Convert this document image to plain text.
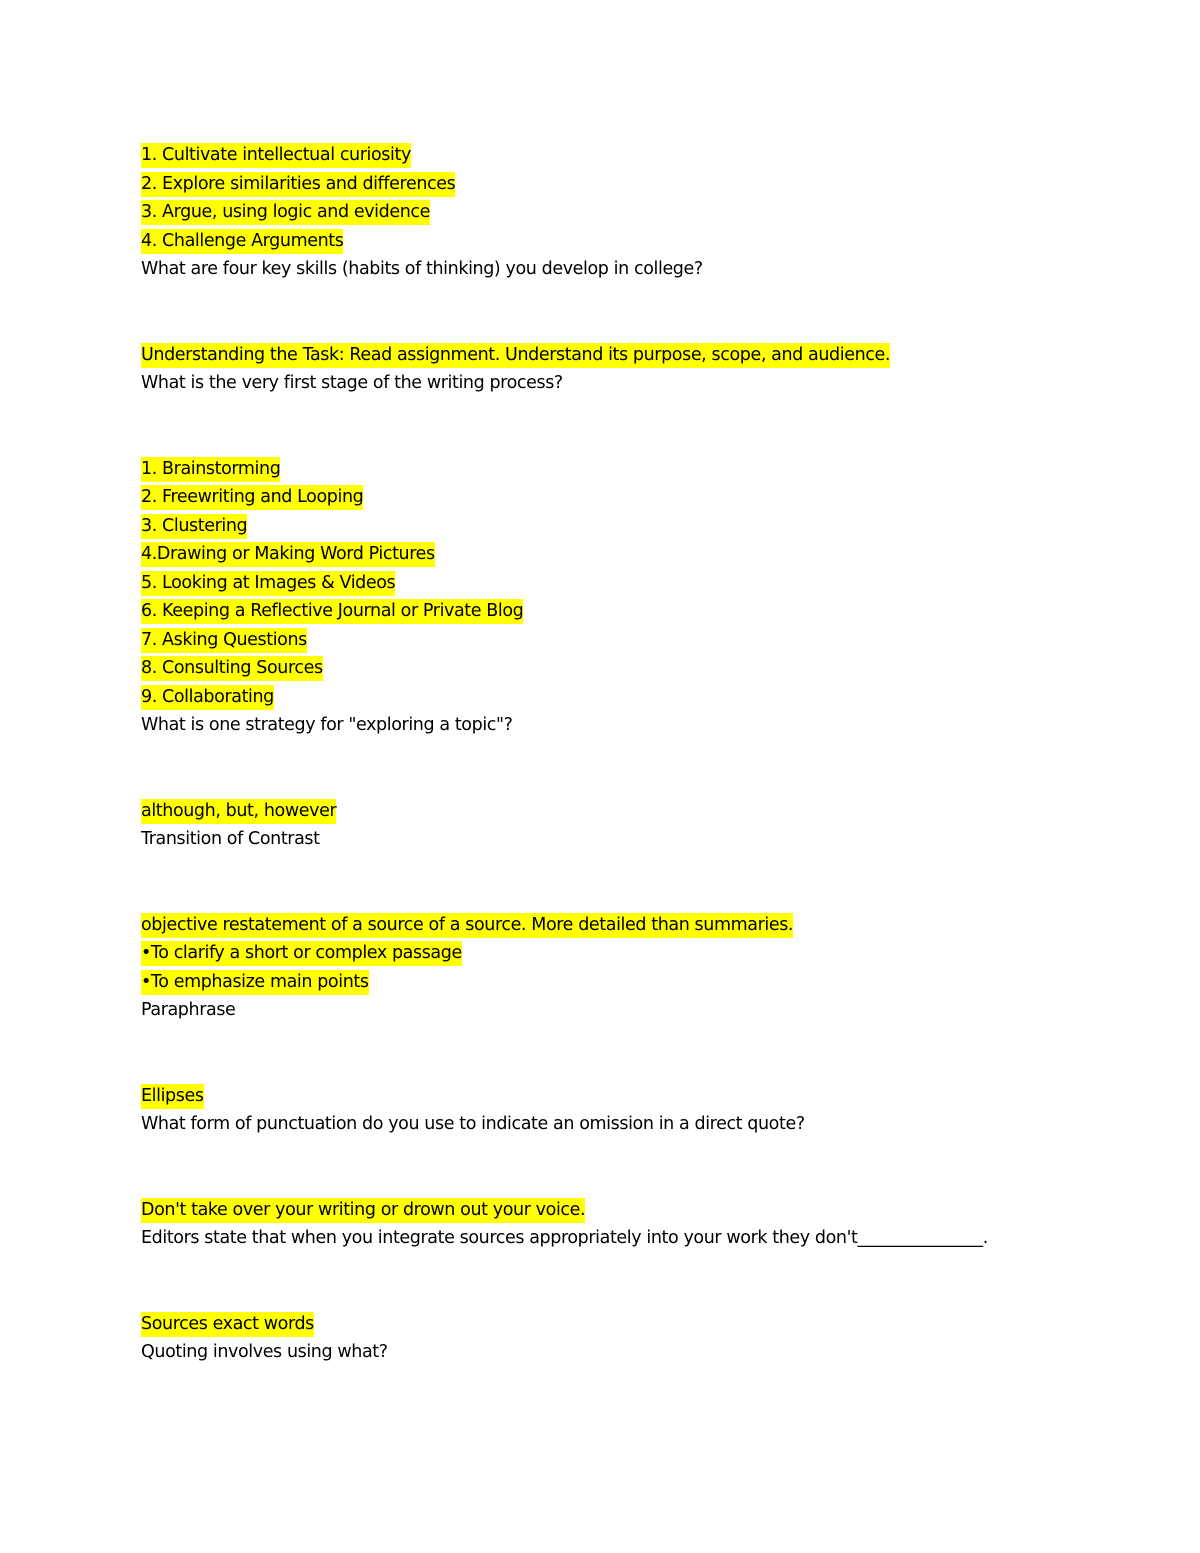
1. Cultivate intellectual curiosity
2. Explore similarities and differences
3. Argue, using logic and evidence
4. Challenge Arguments
What are four key skills (habits of thinking) you develop in college?
Understanding the Task: Read assignment. Understand its purpose, scope, and audience.
What is the very first stage of the writing process?
1. Brainstorming
2. Freewriting and Looping
3. Clustering
4.Drawing or Making Word Pictures
5. Looking at Images & Videos
6. Keeping a Reflective Journal or Private Blog
7. Asking Questions
8. Consulting Sources
9. Collaborating
What is one strategy for "exploring a topic"?
although, but, however
Transition of Contrast
objective restatement of a source of a source. More detailed than summaries.
•To clarify a short or complex passage
•To emphasize main points
Paraphrase
Ellipses
What form of punctuation do you use to indicate an omission in a direct quote?
Don't take over your writing or drown out your voice.
Editors state that when you integrate sources appropriately into your work they don't_______________.
Sources exact words
Quoting involves using what?
